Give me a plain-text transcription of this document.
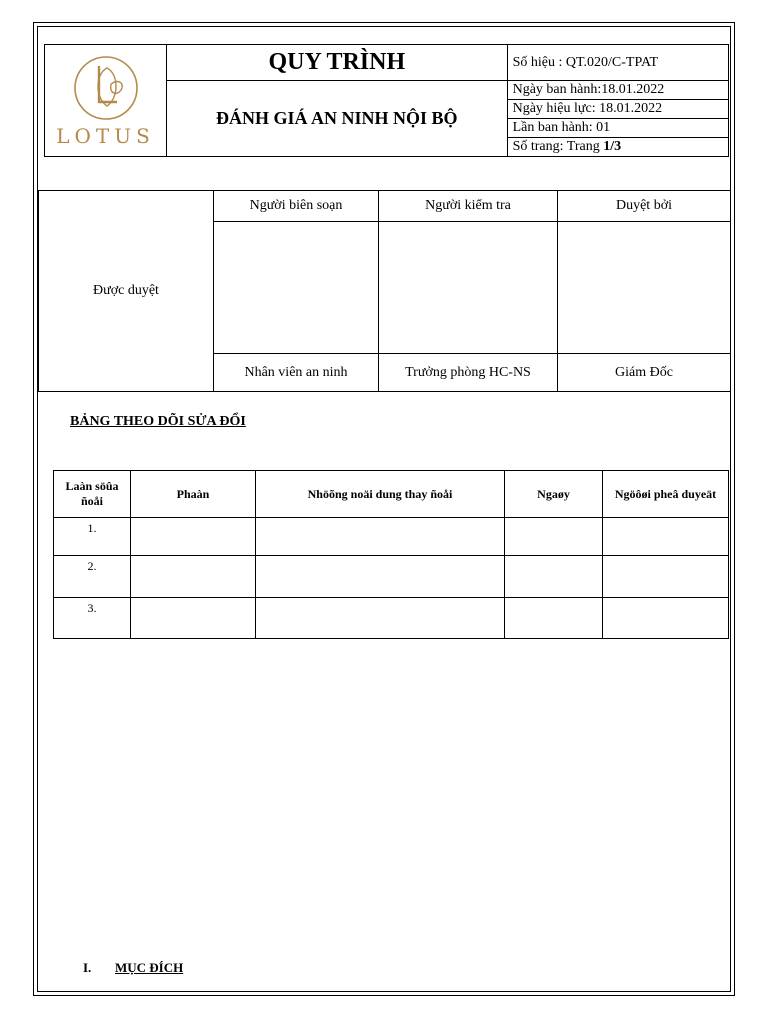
LOTUS	QUY TRÌNH	Số hiệu : QT.020/C-TPAT
	ĐÁNH GIÁ AN NINH NỘI BỘ	Ngày ban hành:18.01.2022
		Ngày hiệu lực: 18.01.2022
		Lần ban hành: 01
		Số trang: Trang 1/3
Được duyệt	Người biên soạn	Người kiểm tra	Duyệt bởi

	Nhân viên an ninh	Trưởng phòng HC-NS	Giám Đốc
BẢNG THEO DÕI SỬA ĐỔI
Laàn söûa ñoåi	Phaàn	Nhöõng noäi dung thay ñoåi	Ngaøy	Ngöôøi pheâ duyeät
1.				
2.				
3.				
I. MỤC ĐÍCH
